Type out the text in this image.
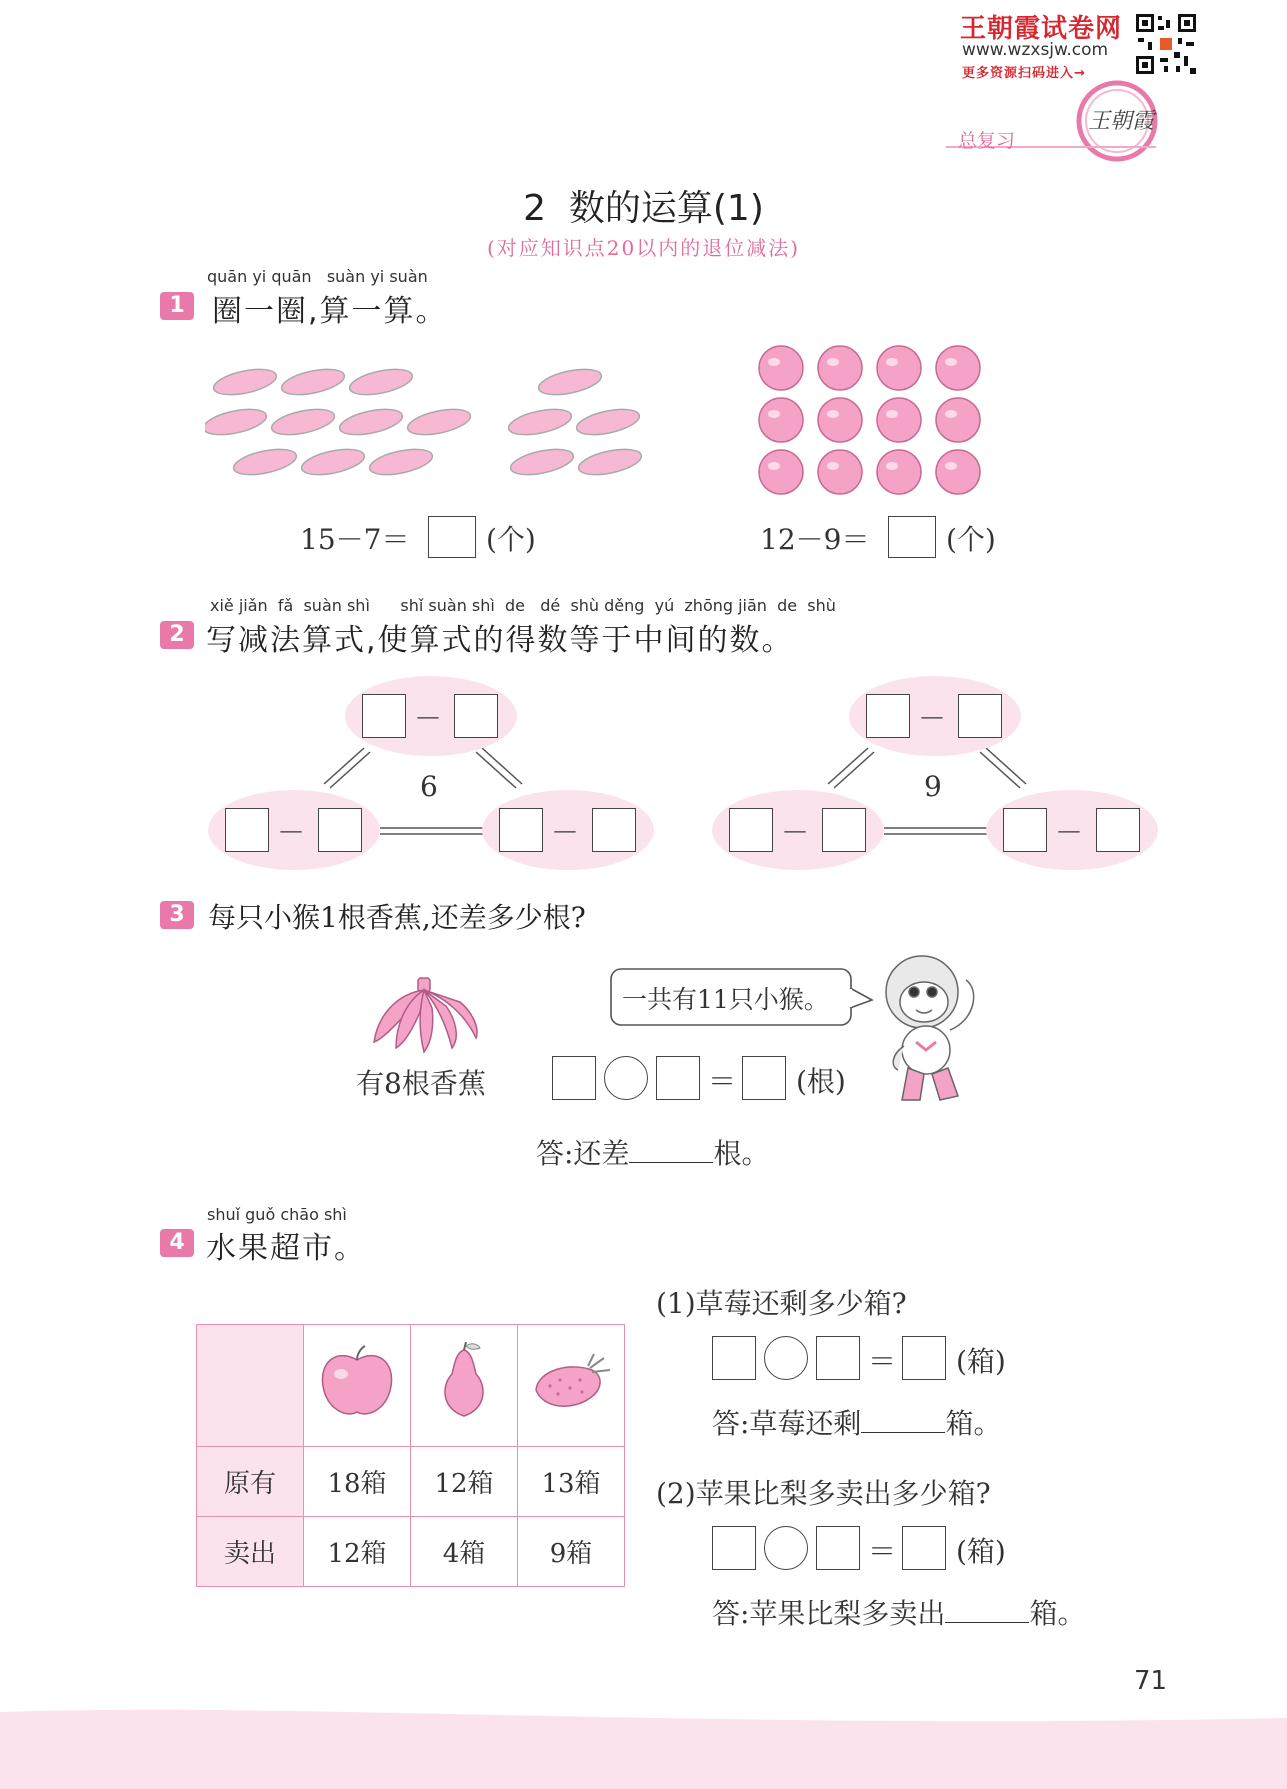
王朝霞试卷网
www.wzxsjw.com
更多资源扫码进入→
王朝霞
总复习
2  数的运算(1)
(对应知识点20以内的退位减法)
quān yi quān   suàn yi suàn
1 圈一圈,算一算。
15－7＝	(个)	12－9＝	(个)
xiě jiǎn  fǎ  suàn shì      shǐ suàn shì  de   dé  shù děng  yú  zhōng jiān  de  shù
2 写减法算式,使算式的得数等于中间的数。
－
6
－	－
－
9
－	－
3 每只小猴1根香蕉,还差多少根?
有8根香蕉
一共有11只小猴。
＝ (根)
答:还差	根。
shuǐ guǒ chāo shì
4 水果超市。

原有	18箱	12箱	13箱
卖出	12箱	4箱	9箱
(1)草莓还剩多少箱?
＝ (箱)
答:草莓还剩	箱。
(2)苹果比梨多卖出多少箱?
＝ (箱)
答:苹果比梨多卖出	箱。
71
